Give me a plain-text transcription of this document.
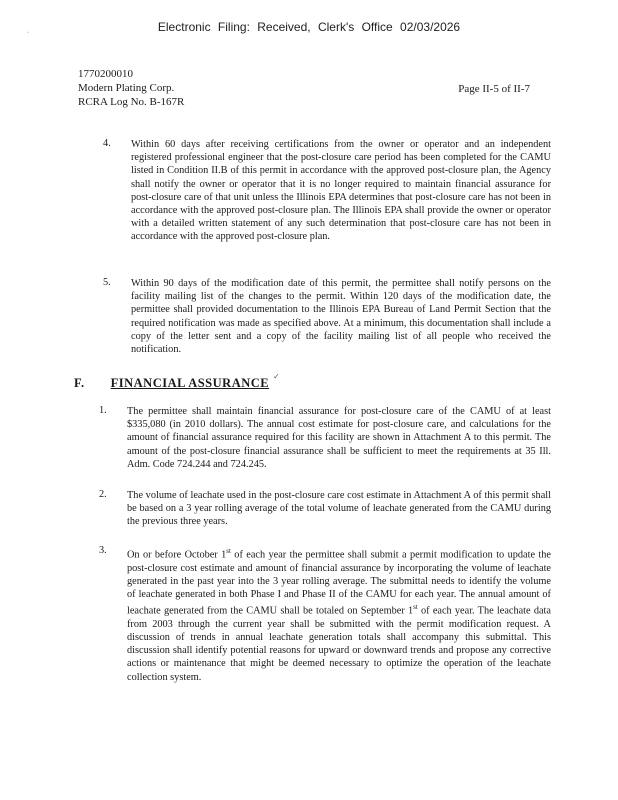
Electronic Filing: Received, Clerk's Office 02/03/2026
·
1770200010
Modern Plating Corp.
RCRA Log No. B-167R
Page II-5 of II-7
4. Within 60 days after receiving certifications from the owner or operator and an independent registered professional engineer that the post-closure care period has been completed for the CAMU listed in Condition II.B of this permit in accordance with the approved post-closure plan, the Agency shall notify the owner or operator that it is no longer required to maintain financial assurance for post-closure care of that unit unless the Illinois EPA determines that post-closure care has not been in accordance with the approved post-closure plan. The Illinois EPA shall provide the owner or operator with a detailed written statement of any such determination that post-closure care has not been in accordance with the approved post-closure plan.
5. Within 90 days of the modification date of this permit, the permittee shall notify persons on the facility mailing list of the changes to the permit. Within 120 days of the modification date, the permittee shall provided documentation to the Illinois EPA Bureau of Land Permit Section that the required notification was made as specified above. At a minimum, this documentation shall include a copy of the letter sent and a copy of the facility mailing list of all people who received the notification.
F. FINANCIAL ASSURANCE ✓
1. The permittee shall maintain financial assurance for post-closure care of the CAMU of at least $335,080 (in 2010 dollars). The annual cost estimate for post-closure care, and calculations for the amount of financial assurance required for this facility are shown in Attachment A to this permit. The amount of the post-closure financial assurance shall be sufficient to meet the requirements at 35 Ill. Adm. Code 724.244 and 724.245.
2. The volume of leachate used in the post-closure care cost estimate in Attachment A of this permit shall be based on a 3 year rolling average of the total volume of leachate generated from the CAMU during the previous three years.
3. On or before October 1st of each year the permittee shall submit a permit modification to update the post-closure cost estimate and amount of financial assurance by incorporating the volume of leachate generated in the past year into the 3 year rolling average. The submittal needs to identify the volume of leachate generated in both Phase I and Phase II of the CAMU for each year. The annual amount of leachate generated from the CAMU shall be totaled on September 1st of each year. The leachate data from 2003 through the current year shall be submitted with the permit modification request. A discussion of trends in annual leachate generation totals shall accompany this submittal. This discussion shall identify potential reasons for upward or downward trends and propose any corrective actions or maintenance that might be deemed necessary to optimize the operation of the leachate collection system.
